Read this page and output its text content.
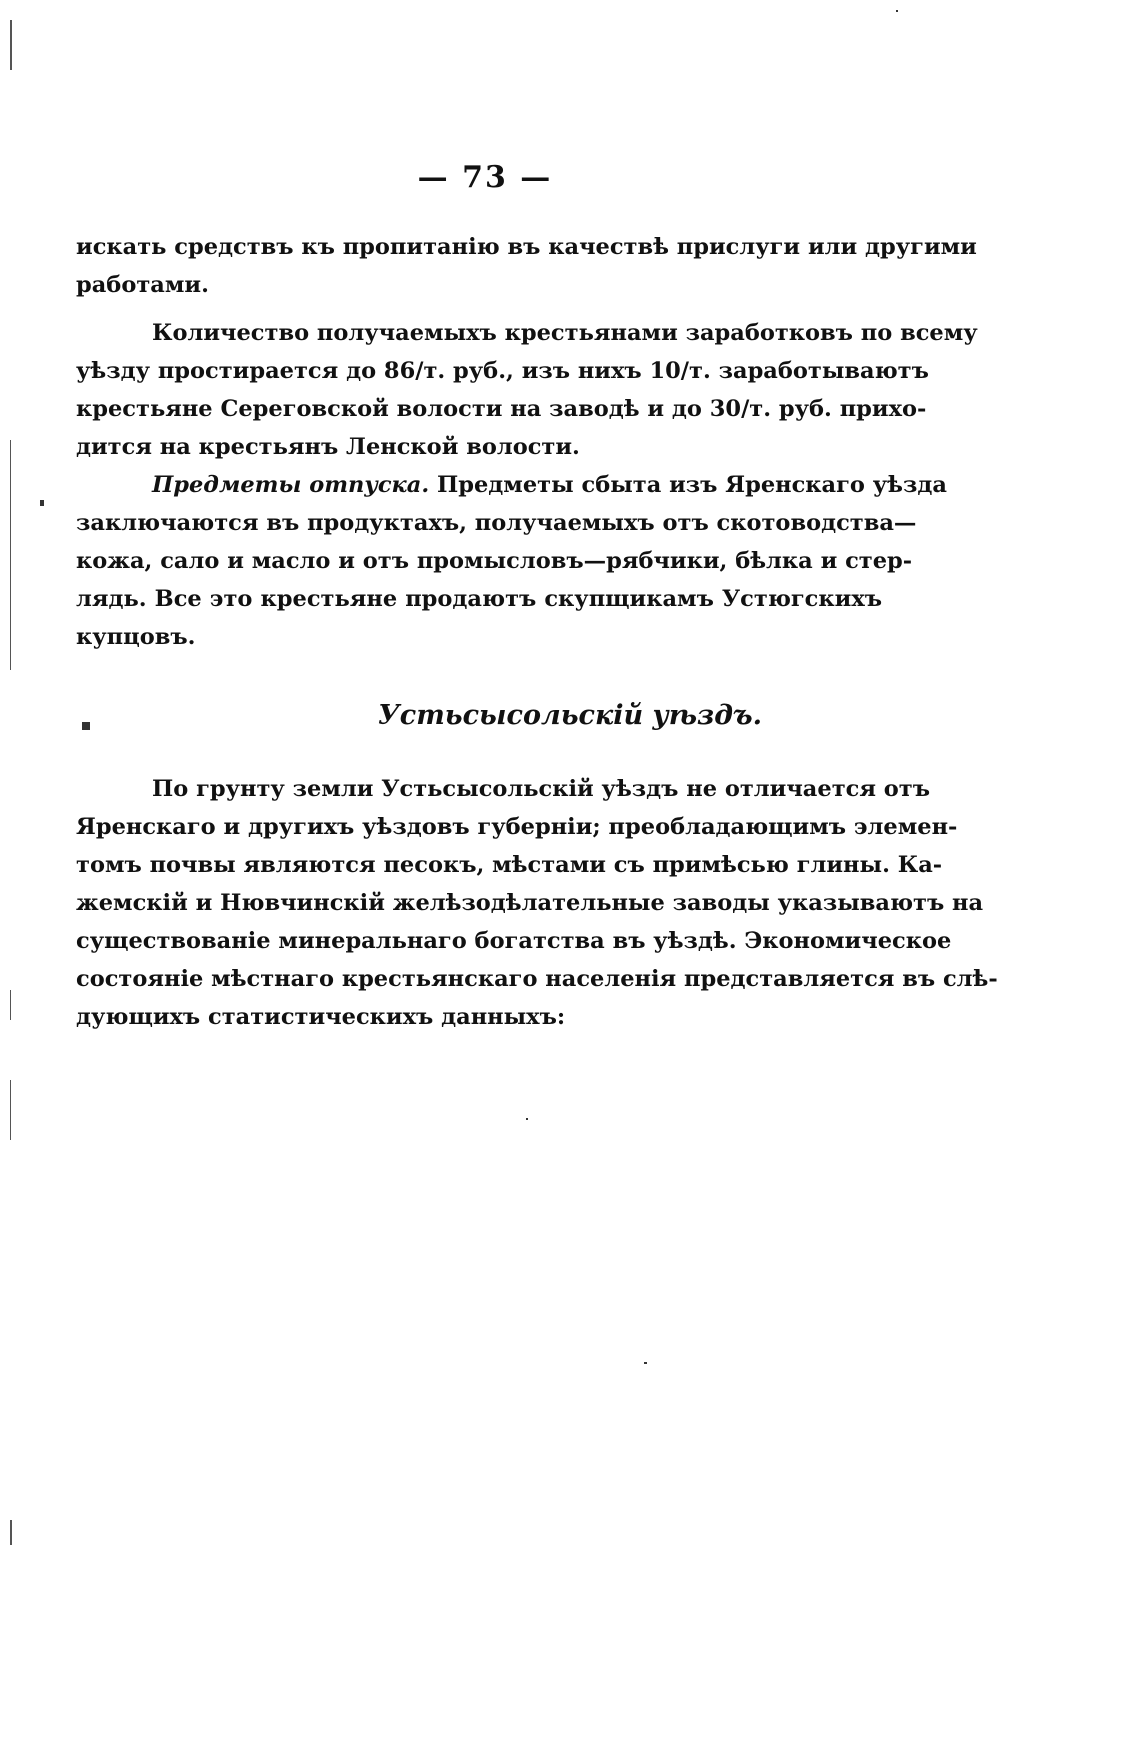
— 73 —
искать средствъ къ пропитанію въ качествѣ прислуги или другими
работами.
Количество получаемыхъ крестьянами заработковъ по всему
уѣзду простирается до 86/т. руб., изъ нихъ 10/т. заработываютъ
крестьяне Сереговской волости на заводѣ и до 30/т. руб. прихо-
дится на крестьянъ Ленской волости.
Предметы отпуска. Предметы сбыта изъ Яренскаго уѣзда
заключаются въ продуктахъ, получаемыхъ отъ скотоводства—
кожа, сало и масло и отъ промысловъ—рябчики, бѣлка и стер-
лядь. Все это крестьяне продаютъ скупщикамъ Устюгскихъ
купцовъ.
Устьсысольскій уѣздъ.
По грунту земли Устьсысольскій уѣздъ не отличается отъ
Яренскаго и другихъ уѣздовъ губерніи; преобладающимъ элемен-
томъ почвы являются песокъ, мѣстами съ примѣсью глины. Ка-
жемскій и Нювчинскій желѣзодѣлательные заводы указываютъ на
существованіе минеральнаго богатства въ уѣздѣ. Экономическое
состояніе мѣстнаго крестьянскаго населенія представляется въ слѣ-
дующихъ статистическихъ данныхъ:
